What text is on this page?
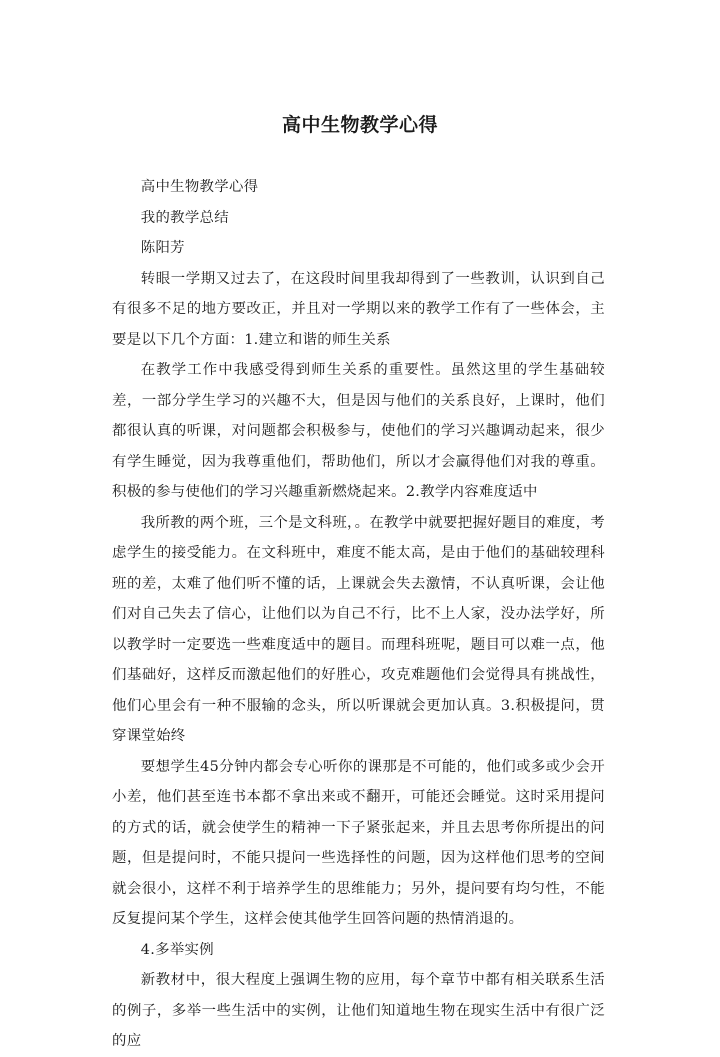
高中生物教学心得

高中生物教学心得

我的教学总结

陈阳芳

转眼一学期又过去了，在这段时间里我却得到了一些教训，认识到自己有很多不足的地方要改正，并且对一学期以来的教学工作有了一些体会，主要是以下几个方面：1.建立和谐的师生关系

在教学工作中我感受得到师生关系的重要性。虽然这里的学生基础较差，一部分学生学习的兴趣不大，但是因与他们的关系良好，上课时，他们都很认真的听课，对问题都会积极参与，使他们的学习兴趣调动起来，很少有学生睡觉，因为我尊重他们，帮助他们，所以才会赢得他们对我的尊重。积极的参与使他们的学习兴趣重新燃烧起来。2.教学内容难度适中

我所教的两个班，三个是文科班，。在教学中就要把握好题目的难度，考虑学生的接受能力。在文科班中，难度不能太高，是由于他们的基础较理科班的差，太难了他们听不懂的话，上课就会失去激情，不认真听课，会让他们对自己失去了信心，让他们以为自己不行，比不上人家，没办法学好，所以教学时一定要选一些难度适中的题目。而理科班呢，题目可以难一点，他们基础好，这样反而激起他们的好胜心，攻克难题他们会觉得具有挑战性，他们心里会有一种不服输的念头，所以听课就会更加认真。3.积极提问，贯穿课堂始终

要想学生45分钟内都会专心听你的课那是不可能的，他们或多或少会开小差，他们甚至连书本都不拿出来或不翻开，可能还会睡觉。这时采用提问的方式的话，就会使学生的精神一下子紧张起来，并且去思考你所提出的问题，但是提问时，不能只提问一些选择性的问题，因为这样他们思考的空间就会很小，这样不利于培养学生的思维能力；另外，提问要有均匀性，不能反复提问某个学生，这样会使其他学生回答问题的热情消退的。

4.多举实例

新教材中，很大程度上强调生物的应用，每个章节中都有相关联系生活的例子，多举一些生活中的实例，让他们知道地生物在现实生活中有很广泛的应
